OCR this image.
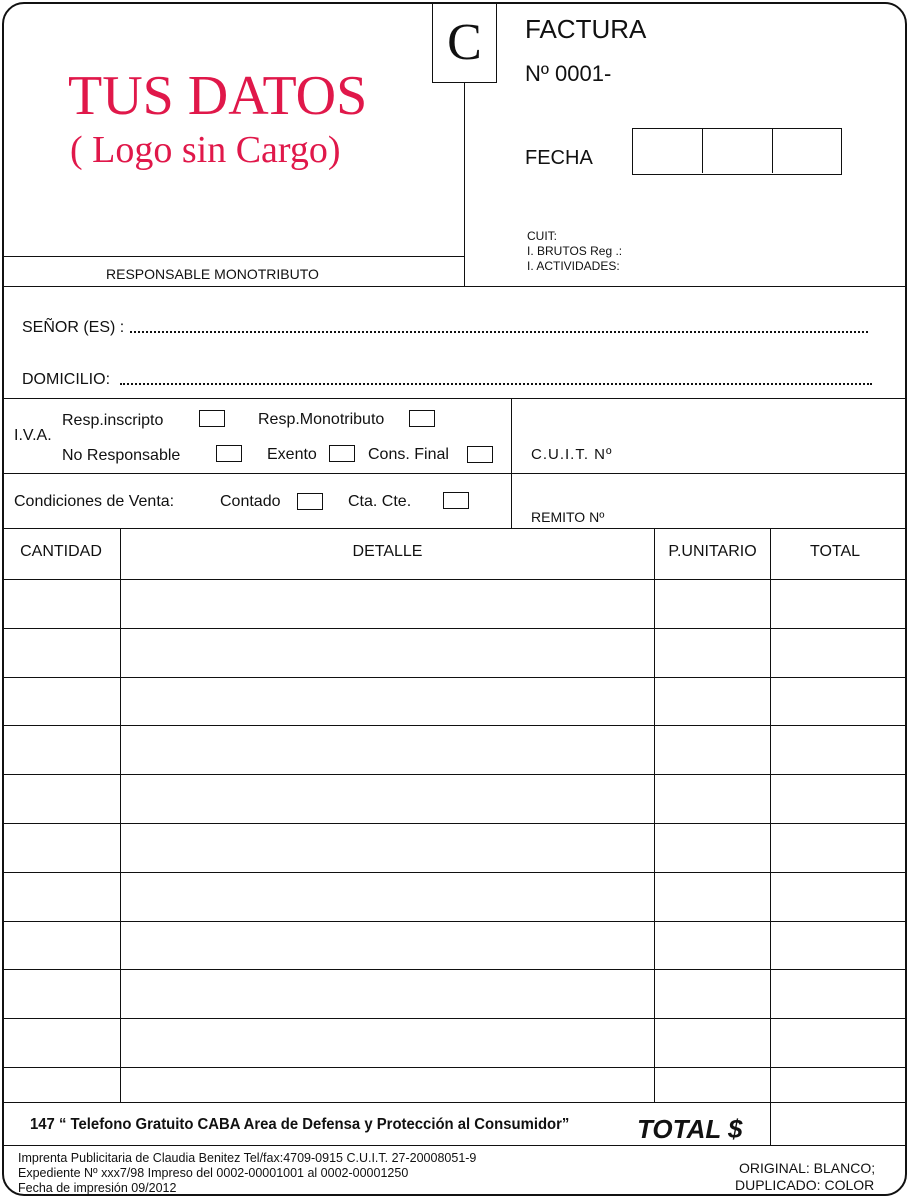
TUS DATOS
( Logo sin Cargo)
RESPONSABLE MONOTRIBUTO
C	FACTURA
Nº 0001-
FECHA
CUIT:
I. BRUTOS Reg .:
I. ACTIVIDADES:
SEÑOR (ES) :
DOMICILIO:
I.V.A.
Resp.inscripto	Resp.Monotributo
No Responsable	Exento	Cons. Final	C.U.I.T. Nº
Condiciones de Venta:	Contado	Cta. Cte.
REMITO Nº
CANTIDAD	DETALLE	P.UNITARIO	TOTAL
147 “ Telefono Gratuito CABA Area de Defensa y Protección al Consumidor”	TOTAL $
Imprenta Publicitaria de Claudia Benitez Tel/fax:4709-0915 C.U.I.T. 27-20008051-9
Expediente Nº xxx7/98 Impreso del 0002-00001001 al 0002-00001250
Fecha de impresión 09/2012
ORIGINAL: BLANCO;
DUPLICADO: COLOR
